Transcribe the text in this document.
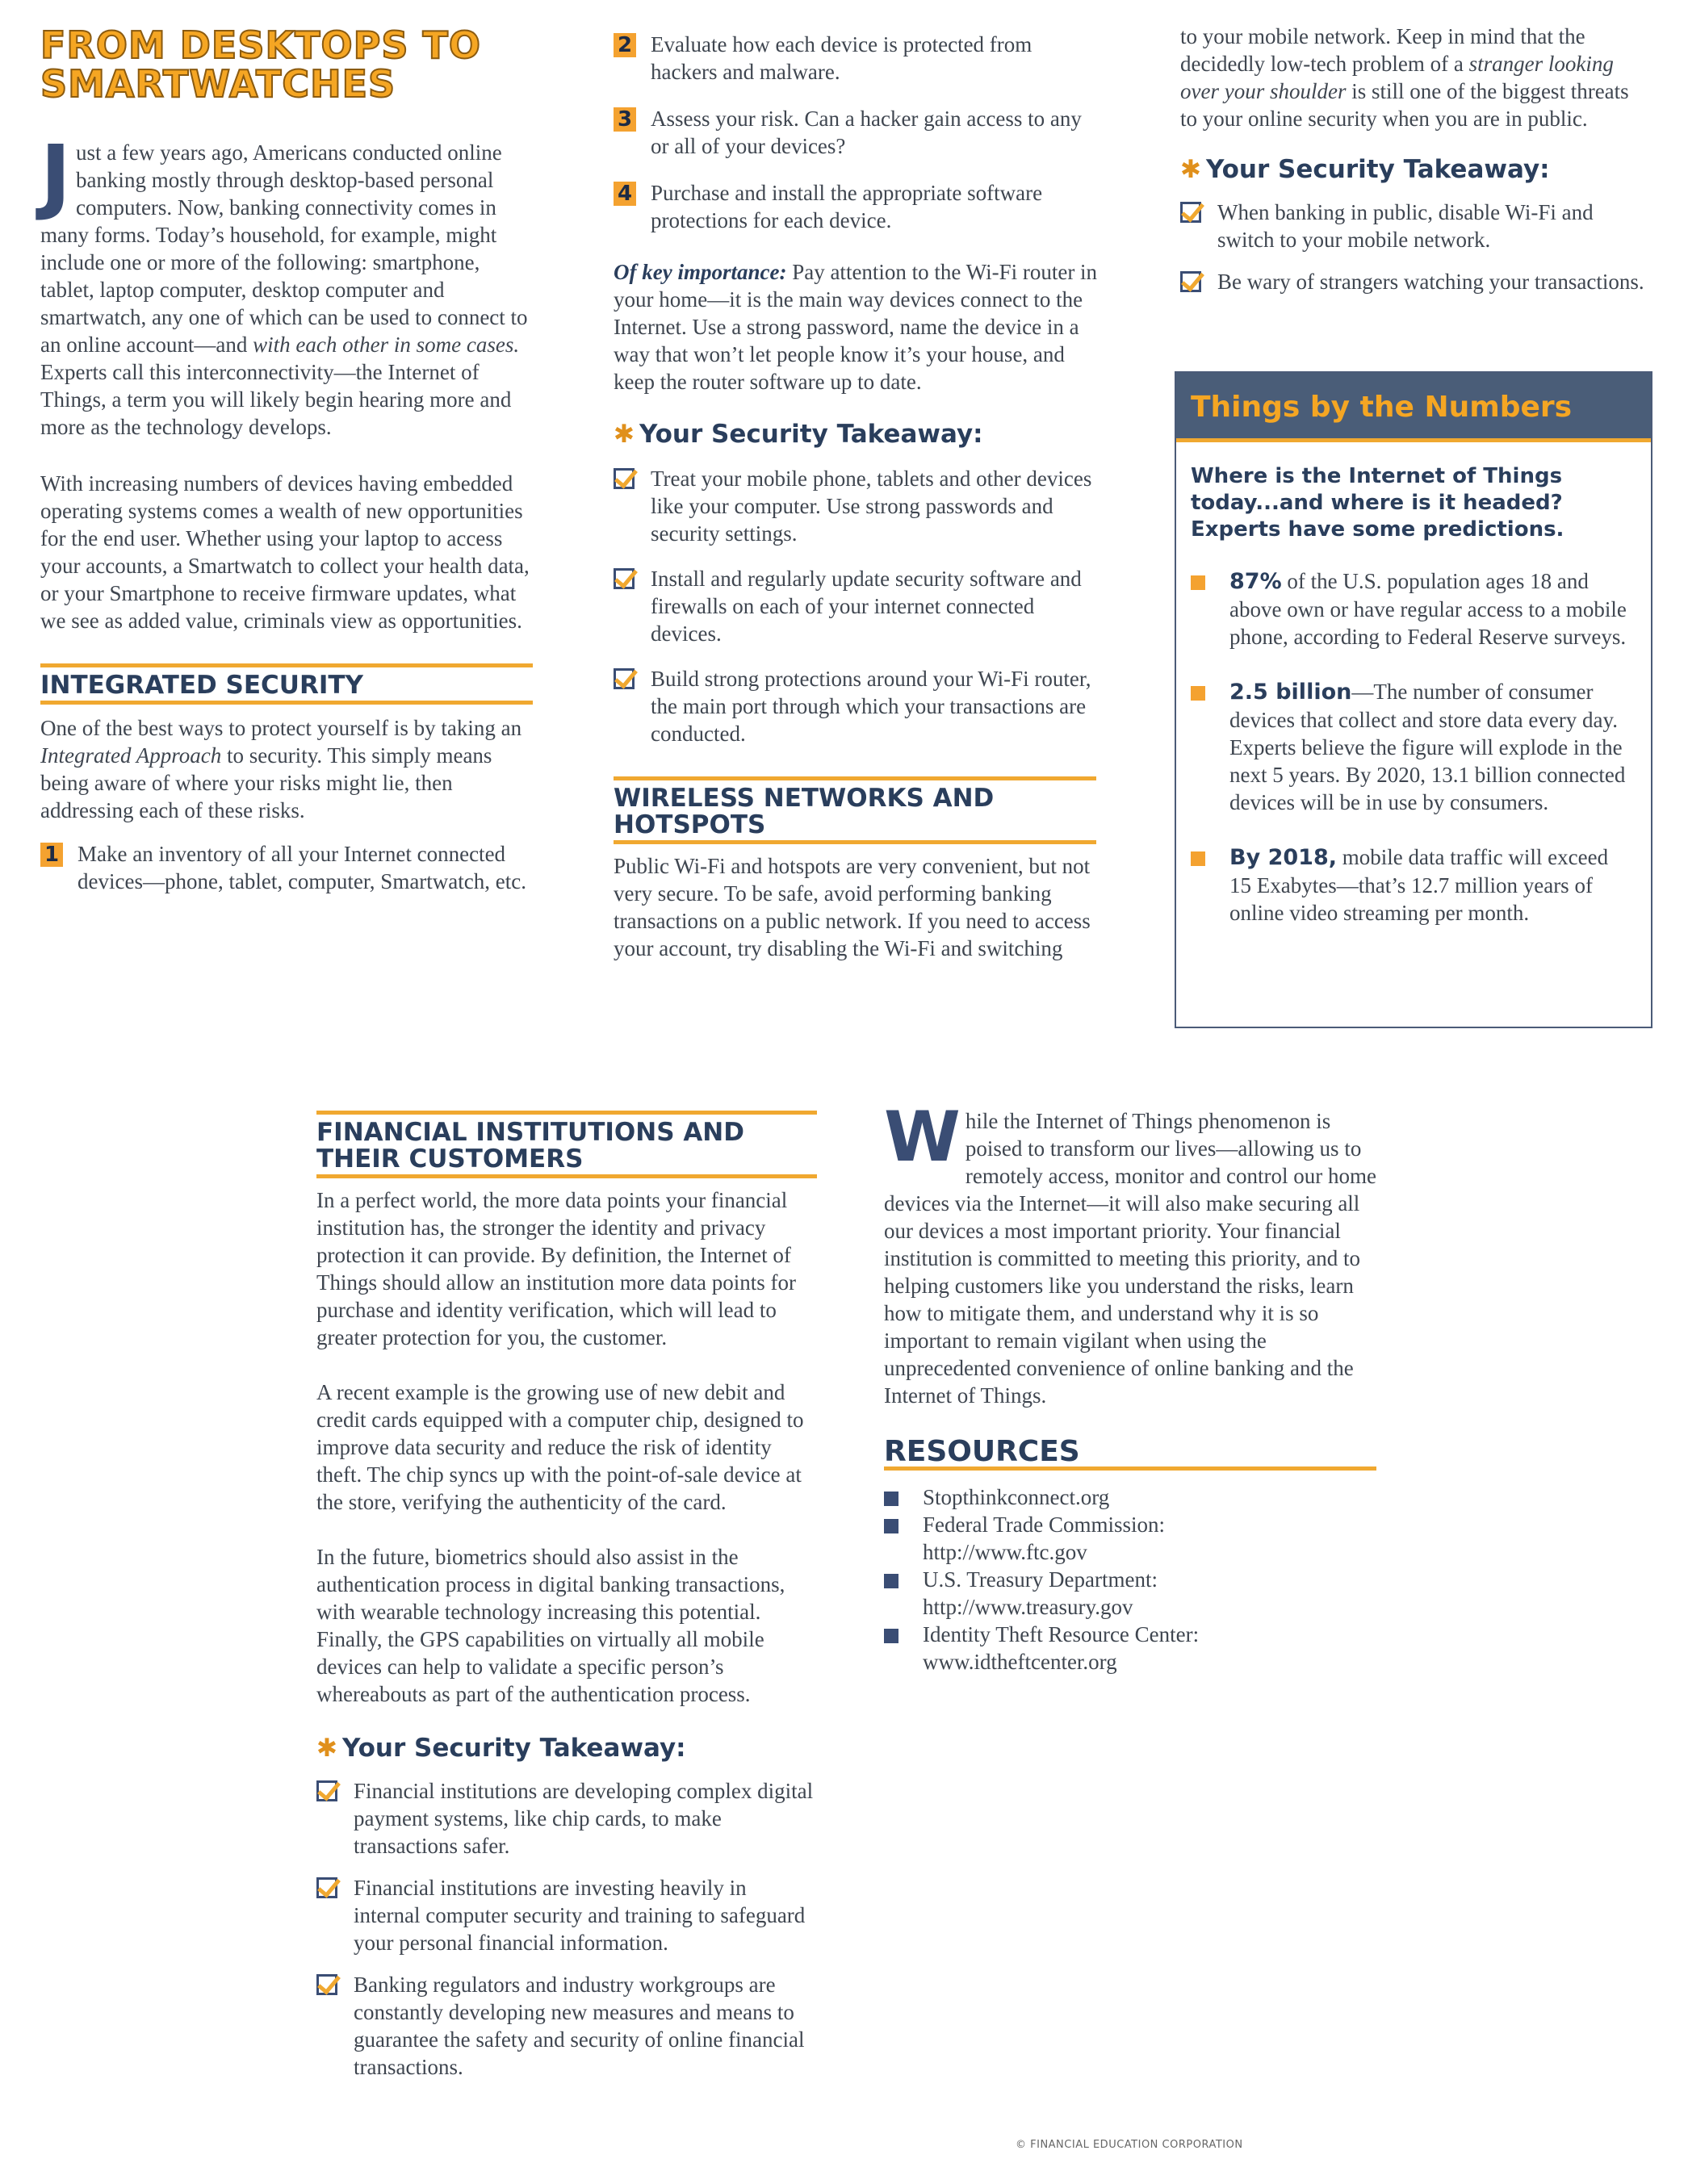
FROM DESKTOPS TO
SMARTWATCHES

Just a few years ago, Americans conducted online banking mostly through desktop-based personal computers. Now, banking connectivity comes in many forms. Today’s household, for example, might include one or more of the following: smartphone, tablet, laptop computer, desktop computer and smartwatch, any one of which can be used to connect to an online account—and with each other in some cases. Experts call this interconnectivity—the Internet of Things, a term you will likely begin hearing more and more as the technology develops.

With increasing numbers of devices having embedded operating systems comes a wealth of new opportunities for the end user. Whether using your laptop to access your accounts, a Smartwatch to collect your health data, or your Smartphone to receive firmware updates, what we see as added value, criminals view as opportunities.

INTEGRATED SECURITY

One of the best ways to protect yourself is by taking an Integrated Approach to security. This simply means being aware of where your risks might lie, then addressing each of these risks.

1 Make an inventory of all your Internet connected devices—phone, tablet, computer, Smartwatch, etc.

2 Evaluate how each device is protected from hackers and malware.

3 Assess your risk. Can a hacker gain access to any or all of your devices?

4 Purchase and install the appropriate software protections for each device.

Of key importance: Pay attention to the Wi-Fi router in your home—it is the main way devices connect to the Internet. Use a strong password, name the device in a way that won’t let people know it’s your house, and keep the router software up to date.

✱ Your Security Takeaway:

Treat your mobile phone, tablets and other devices like your computer. Use strong passwords and security settings.

Install and regularly update security software and firewalls on each of your internet connected devices.

Build strong protections around your Wi-Fi router, the main port through which your transactions are conducted.

WIRELESS NETWORKS AND HOTSPOTS

Public Wi-Fi and hotspots are very convenient, but not very secure. To be safe, avoid performing banking transactions on a public network. If you need to access your account, try disabling the Wi-Fi and switching

to your mobile network. Keep in mind that the decidedly low-tech problem of a stranger looking over your shoulder is still one of the biggest threats to your online security when you are in public.

✱ Your Security Takeaway:

When banking in public, disable Wi-Fi and switch to your mobile network.

Be wary of strangers watching your transactions.

Things by the Numbers

Where is the Internet of Things today...and where is it headed? Experts have some predictions.

87% of the U.S. population ages 18 and above own or have regular access to a mobile phone, according to Federal Reserve surveys.

2.5 billion—The number of consumer devices that collect and store data every day. Experts believe the figure will explode in the next 5 years. By 2020, 13.1 billion connected devices will be in use by consumers.

By 2018, mobile data traffic will exceed 15 Exabytes—that’s 12.7 million years of online video streaming per month.

FINANCIAL INSTITUTIONS AND THEIR CUSTOMERS

In a perfect world, the more data points your financial institution has, the stronger the identity and privacy protection it can provide. By definition, the Internet of Things should allow an institution more data points for purchase and identity verification, which will lead to greater protection for you, the customer.

A recent example is the growing use of new debit and credit cards equipped with a computer chip, designed to improve data security and reduce the risk of identity theft. The chip syncs up with the point-of-sale device at the store, verifying the authenticity of the card.

In the future, biometrics should also assist in the authentication process in digital banking transactions, with wearable technology increasing this potential. Finally, the GPS capabilities on virtually all mobile devices can help to validate a specific person’s whereabouts as part of the authentication process.

✱ Your Security Takeaway:

Financial institutions are developing complex digital payment systems, like chip cards, to make transactions safer.

Financial institutions are investing heavily in internal computer security and training to safeguard your personal financial information.

Banking regulators and industry workgroups are constantly developing new measures and means to guarantee the safety and security of online financial transactions.

While the Internet of Things phenomenon is poised to transform our lives—allowing us to remotely access, monitor and control our home devices via the Internet—it will also make securing all our devices a most important priority. Your financial institution is committed to meeting this priority, and to helping customers like you understand the risks, learn how to mitigate them, and understand why it is so important to remain vigilant when using the unprecedented convenience of online banking and the Internet of Things.

RESOURCES

Stopthinkconnect.org

Federal Trade Commission:
http://www.ftc.gov

U.S. Treasury Department:
http://www.treasury.gov

Identity Theft Resource Center:
www.idtheftcenter.org

© FINANCIAL EDUCATION CORPORATION
